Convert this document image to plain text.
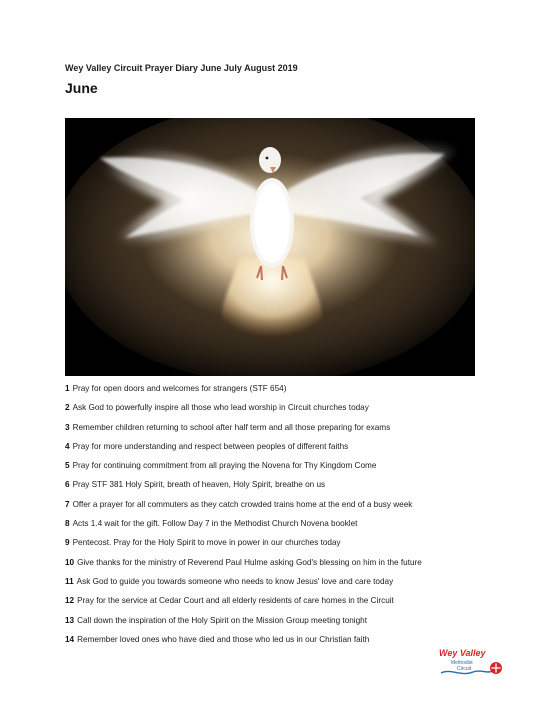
Wey Valley Circuit Prayer Diary June July August 2019
June
1 Pray for open doors and welcomes for strangers (STF 654)
2 Ask God to powerfully inspire all those who lead worship in Circuit churches today
3 Remember children returning to school after half term and all those preparing for exams
4 Pray for more understanding and respect between peoples of different faiths
5 Pray for continuing commitment from all praying the Novena for Thy Kingdom Come
6 Pray STF 381 Holy Spirit, breath of heaven, Holy Spirit, breathe on us
7 Offer a prayer for all commuters as they catch crowded trains home at the end of a busy week
8 Acts 1.4 wait for the gift. Follow Day 7 in the Methodist Church Novena booklet
9 Pentecost. Pray for the Holy Spirit to move in power in our churches today
10 Give thanks for the ministry of Reverend Paul Hulme asking God's blessing on him in the future
11 Ask God to guide you towards someone who needs to know Jesus' love and care today
12 Pray for the service at Cedar Court and all elderly residents of care homes in the Circuit
13 Call down the inspiration of the Holy Spirit on the Mission Group meeting tonight
14 Remember loved ones who have died and those who led us in our Christian faith
Wey Valley
Methodist
Circuit
